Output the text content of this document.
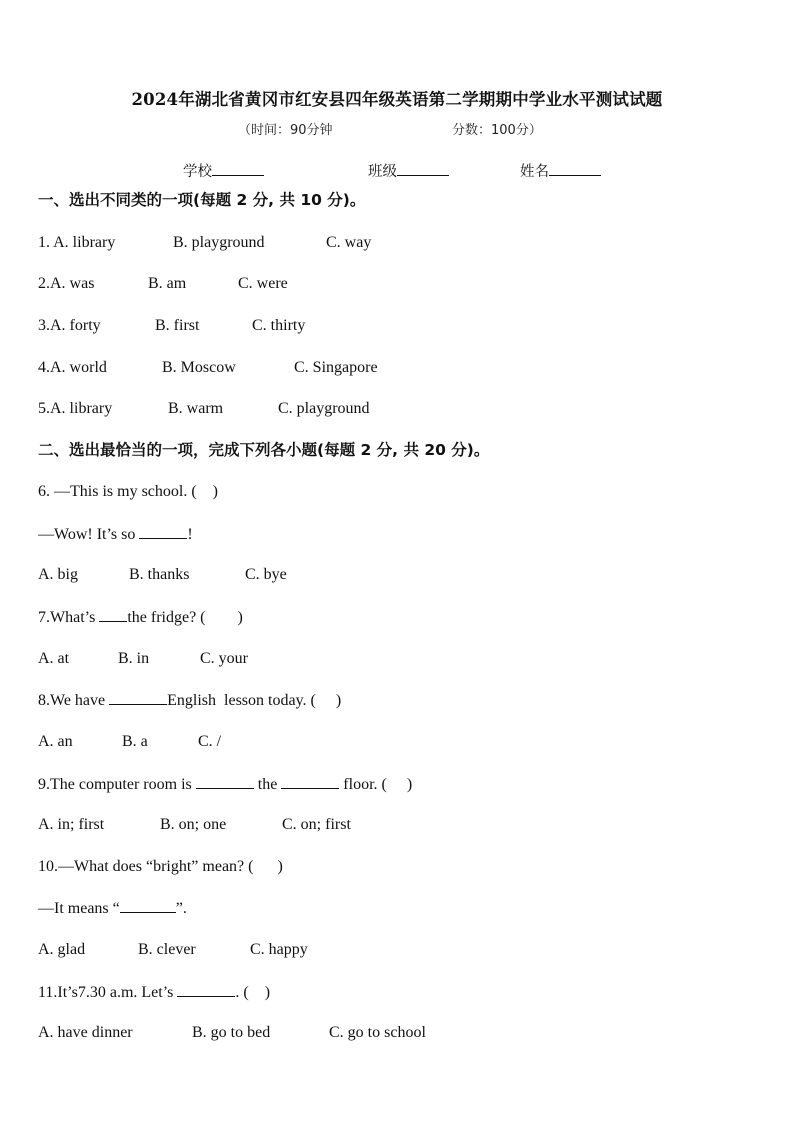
2024年湖北省黄冈市红安县四年级英语第二学期期中学业水平测试试题
（时间：90分钟	分数：100分）
学校	班级	姓名
一、选出不同类的一项(每题 2 分, 共 10 分)。

1. A. library

	B. playground

	C. way

2.A. was

	B. am

	C. were

3.A. forty

	B. first

	C. thirty

4.A. world

	B. Moscow

	C. Singapore

5.A. library

	B. warm

	C. playground

二、选出最恰当的一项，完成下列各小题(每题 2 分, 共 20 分)。
6. —This is my school. (    )
—Wow! It’s so	!

A. big

	B. thanks

	C. bye

7.What’s the fridge? (        )

A. at

	B. in

	C. your

8.We have	English  lesson today. (     )

A. an

	B. a

	C. /

9.The computer room is	the	floor. (     )

A. in; first

	B. on; one

	C. on; first

10.—What does “bright” mean? (      )
—It means “	”.

A. glad

	B. clever

	C. happy

11.It’s7.30 a.m. Let’s	. (    )

A. have dinner

	B. go to bed

	C. go to school
